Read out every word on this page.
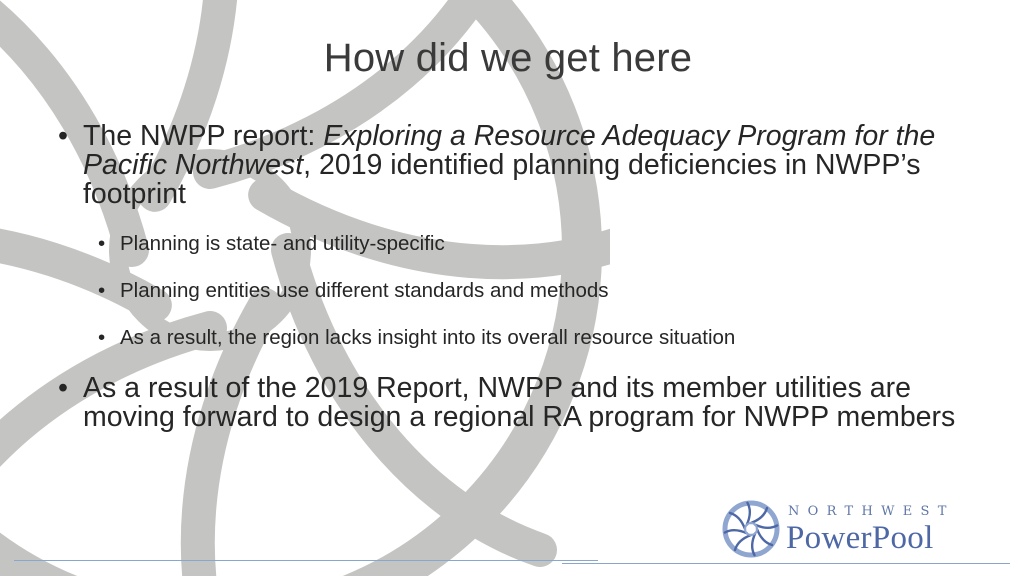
How did we get here
• The NWPP report: Exploring a Resource Adequacy Program for the Pacific Northwest, 2019 identified planning deficiencies in NWPP’s footprint
• Planning is state- and utility-specific
• Planning entities use different standards and methods
• As a result, the region lacks insight into its overall resource situation
• As a result of the 2019 Report, NWPP and its member utilities are moving forward to design a regional RA program for NWPP members
NORTHWEST
PowerPool
